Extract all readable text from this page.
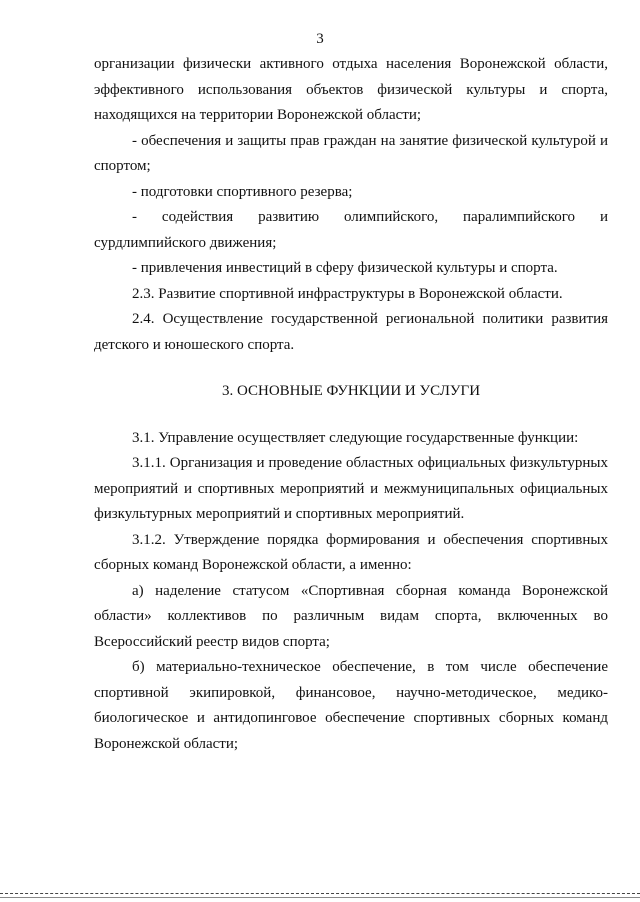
3

организации физически активного отдыха населения Воронежской области, эффективного использования объектов физической культуры и спорта, находящихся на территории Воронежской области;

- обеспечения и защиты прав граждан на занятие физической культурой и спортом;

- подготовки спортивного резерва;

- содействия развитию олимпийского, паралимпийского и сурдлимпийского движения;

- привлечения инвестиций в сферу физической культуры и спорта.

2.3. Развитие спортивной инфраструктуры в Воронежской области.

2.4. Осуществление государственной региональной политики развития детского и юношеского спорта.

3. ОСНОВНЫЕ ФУНКЦИИ И УСЛУГИ

3.1. Управление осуществляет следующие государственные функции:

3.1.1. Организация и проведение областных официальных физкультурных мероприятий и спортивных мероприятий и межмуниципальных официальных физкультурных мероприятий и спортивных мероприятий.

3.1.2. Утверждение порядка формирования и обеспечения спортивных сборных команд Воронежской области, а именно:

а) наделение статусом «Спортивная сборная команда Воронежской области» коллективов по различным видам спорта, включенных во Всероссийский реестр видов спорта;

б) материально-техническое обеспечение, в том числе обеспечение спортивной экипировкой, финансовое, научно-методическое, медико-биологическое и антидопинговое обеспечение спортивных сборных команд Воронежской области;
